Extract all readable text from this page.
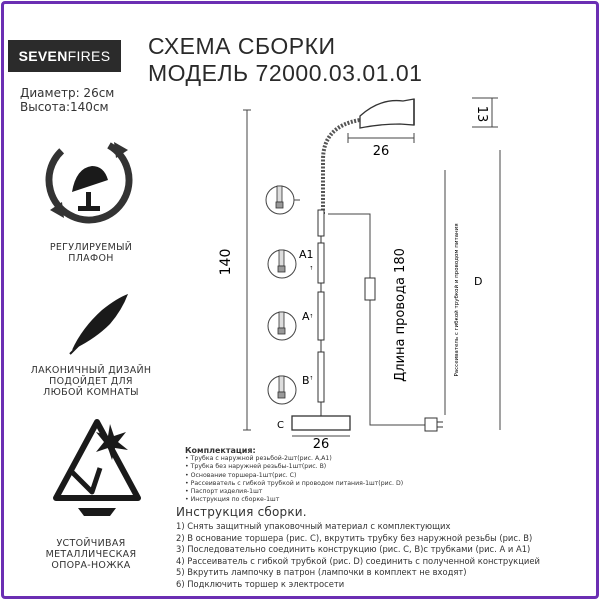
SEVEN FIRES СХЕМА СБОРКИ
МОДЕЛЬ 72000.03.01.01
Диаметр: 26см
Высота:140см
РЕГУЛИРУЕМЫЙ
ПЛАФОН
ЛАКОНИЧНЫЙ ДИЗАЙН
ПОДОЙДЕТ ДЛЯ
ЛЮБОЙ КОМНАТЫ
УСТОЙЧИВАЯ
МЕТАЛЛИЧЕСКАЯ
ОПОРА-НОЖКА
140
13
26
C
26
→
→
→
A1
A
B	Длина провода 180	Рассеиватель с гибкой трубкой и проводом питания D
Комплектация:
• Трубка с наружной резьбой-2шт(рис. A,A1)
• Трубка без наружней резьбы-1шт(рис. B)
• Основание торшера-1шт(рис. C)
• Рассеиватель с гибкой трубкой и проводом питания-1шт(рис. D)
• Паспорт изделия-1шт
• Инструкция по сборке-1шт
Инструкция сборки.
1) Снять защитный упаковочный материал с комплектующих
2) В основание торшера (рис. C), вкрутить трубку без наружной резьбы (рис. B)
3) Последовательно соединить конструкцию (рис. C, B)с трубками (рис. A и A1)
4) Рассеиватель с гибкой трубкой (рис. D) соединить с полученной конструкцией
5) Вкрутить лампочку в патрон (лампочки в комплект не входят)
6) Подключить торшер к электросети
